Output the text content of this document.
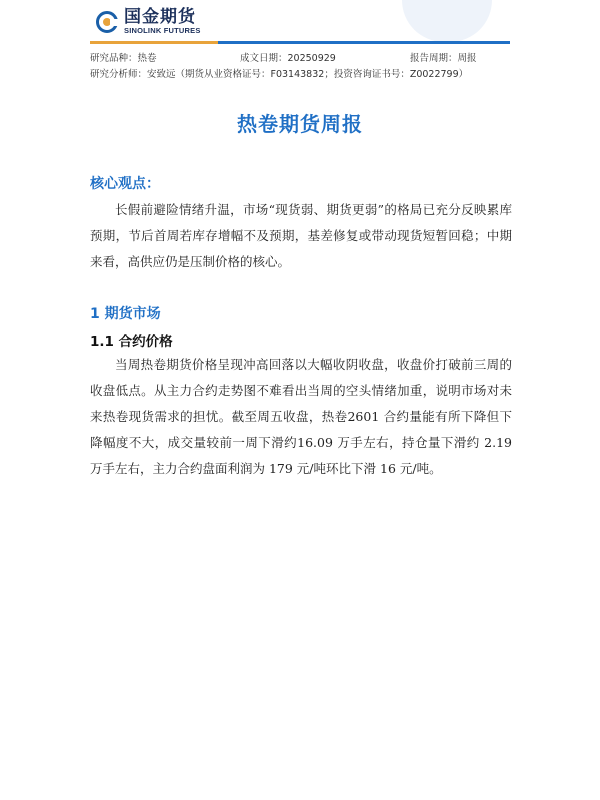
国金期货
SINOLINK FUTURES
研究品种：热卷	成文日期：20250929	报告周期：周报
研究分析师：安致远（期货从业资格证号：F03143832；投资咨询证书号：Z0022799）
热卷期货周报
核心观点：

长假前避险情绪升温，市场“现货弱、期货更弱”的格局已充分反映累库预期，节后首周若库存增幅不及预期，基差修复或带动现货短暂回稳；中期来看，高供应仍是压制价格的核心。

1 期货市场
1.1 合约价格

当周热卷期货价格呈现冲高回落以大幅收阴收盘，收盘价打破前三周的收盘低点。从主力合约走势图不难看出当周的空头情绪加重，说明市场对未来热卷现货需求的担忧。截至周五收盘，热卷2601 合约量能有所下降但下降幅度不大，成交量较前一周下滑约16.09 万手左右，持仓量下滑约 2.19 万手左右，主力合约盘面利润为 179 元/吨环比下滑 16 元/吨。
